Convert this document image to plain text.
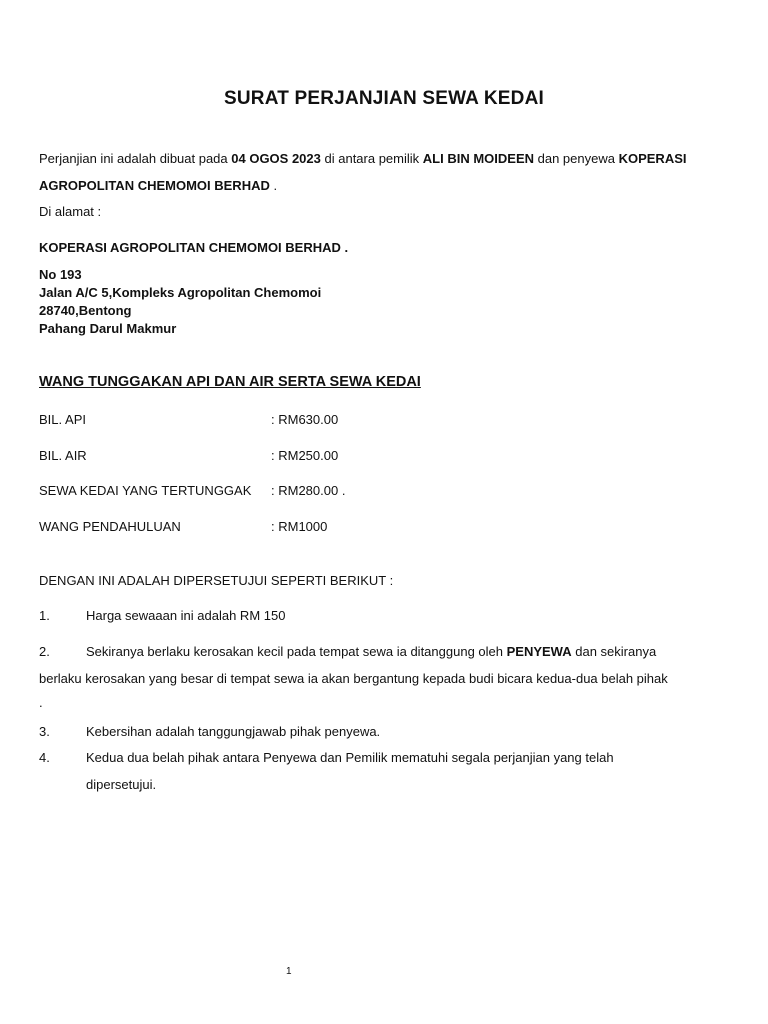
SURAT PERJANJIAN SEWA KEDAI
Perjanjian ini adalah dibuat pada 04 OGOS 2023 di antara pemilik ALI BIN MOIDEEN dan penyewa KOPERASI
AGROPOLITAN CHEMOMOI BERHAD .
Di alamat :
KOPERASI AGROPOLITAN CHEMOMOI BERHAD .
No 193
Jalan A/C 5,Kompleks Agropolitan Chemomoi
28740,Bentong
Pahang Darul Makmur
WANG TUNGGAKAN API DAN AIR SERTA SEWA KEDAI
BIL. API	: RM630.00
BIL. AIR	: RM250.00
SEWA KEDAI YANG TERTUNGGAK : RM280.00 .
WANG PENDAHULUAN	: RM1000
DENGAN INI ADALAH DIPERSETUJUI SEPERTI BERIKUT :
1.	Harga sewaaan ini adalah RM 150
2.	Sekiranya berlaku kerosakan kecil pada tempat sewa ia ditanggung oleh PENYEWA dan sekiranya
berlaku kerosakan yang besar di tempat sewa ia akan bergantung kepada budi bicara kedua-dua belah pihak
.
3.	Kebersihan adalah tanggungjawab pihak penyewa.
4.	Kedua dua belah pihak antara Penyewa dan Pemilik mematuhi segala perjanjian yang telah
dipersetujui.
1
